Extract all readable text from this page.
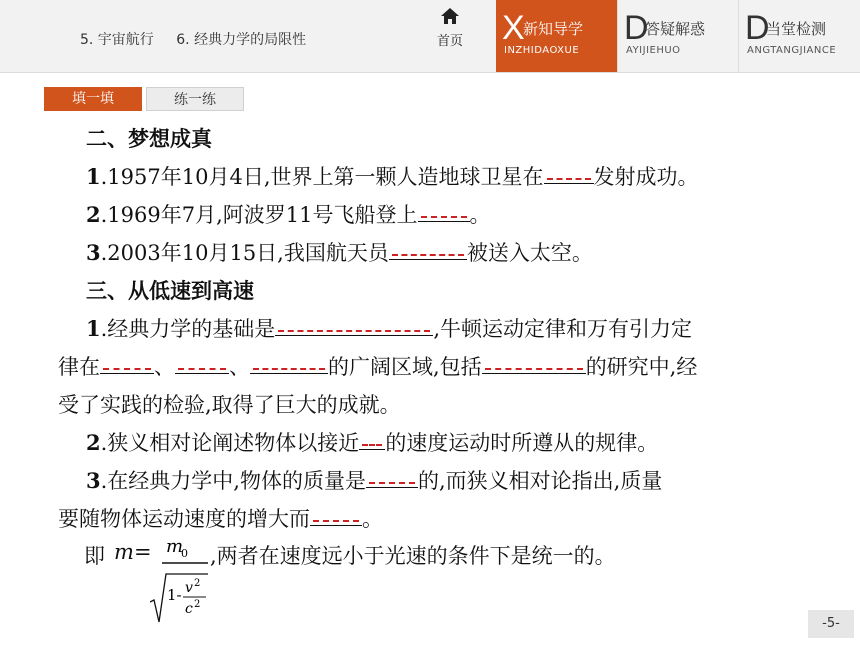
5. 宇宙航行 6. 经典力学的局限性	首页	X
新知导学
INZHIDAOXUE
D
答疑解惑
AYIJIEHUO
D
当堂检测
ANGTANGJIANCE
填一填	练一练
二、梦想成真
1.1957年10月4日,世界上第一颗人造地球卫星在 发射成功。
2.1969年7月,阿波罗11号飞船登上 。
3.2003年10月15日,我国航天员	被送入太空。
三、从低速到高速
1.经典力学的基础是	,牛顿运动定律和万有引力定
律在	、	、	的广阔区域,包括	的研究中,经
受了实践的检验,取得了巨大的成就。
2.狭义相对论阐述物体以接近 的速度运动时所遵从的规律。
3.在经典力学中,物体的质量是 的,而狭义相对论指出,质量
要随物体运动速度的增大而 。
即 m = m
0
1- v 2
c 2
,两者在速度远小于光速的条件下是统一的。
-5-
